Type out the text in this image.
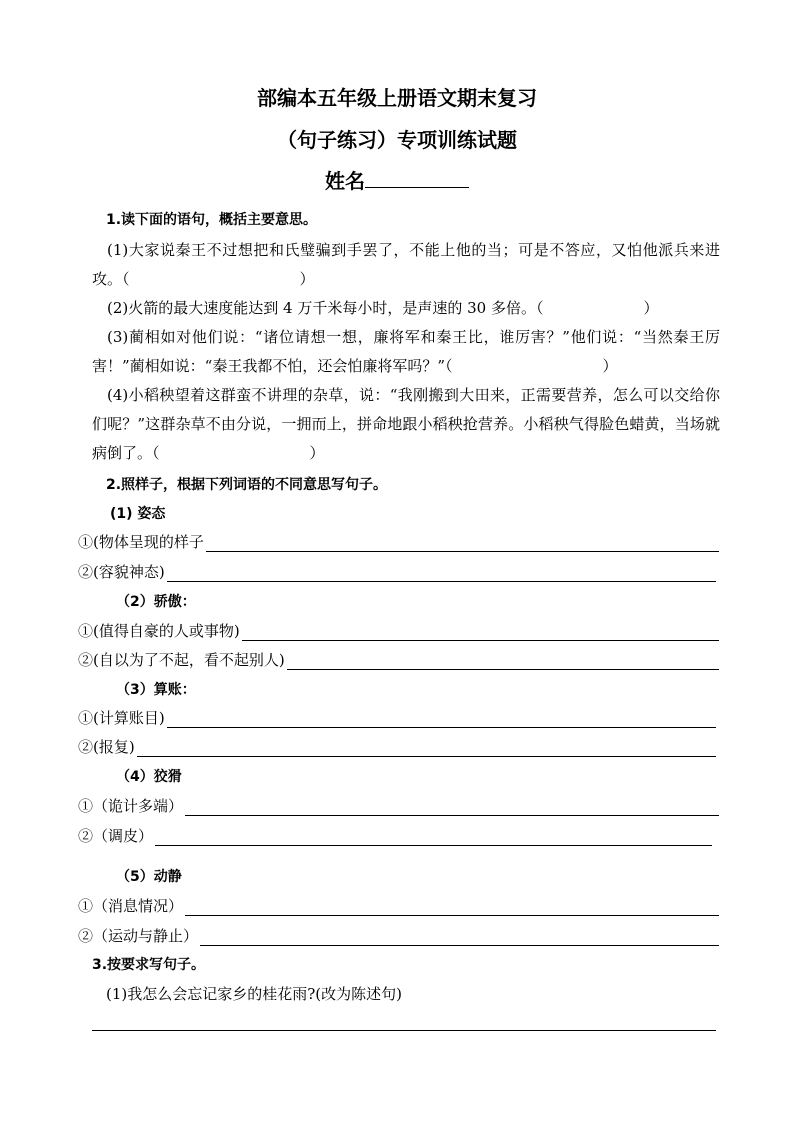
部编本五年级上册语文期末复习
（句子练习）专项训练试题
姓名
1.读下面的语句，概括主要意思。
(1)大家说秦王不过想把和氏璧骗到手罢了，不能上他的当；可是不答应，又怕他派兵来进攻。（	）
(2)火箭的最大速度能达到 4 万千米每小时，是声速的 30 多倍。（	）
(3)蔺相如对他们说：“诸位请想一想，廉将军和秦王比，谁厉害？”他们说：“当然秦王厉害！”蔺相如说：“秦王我都不怕，还会怕廉将军吗？”（	）
(4)小稻秧望着这群蛮不讲理的杂草，说：“我刚搬到大田来，正需要营养，怎么可以交给你们呢？”这群杂草不由分说，一拥而上，拼命地跟小稻秧抢营养。小稻秧气得脸色蜡黄，当场就病倒了。（	）
2.照样子，根据下列词语的不同意思写句子。
(1) 姿态
①(物体呈现的样子
②(容貌神态)
（2）骄傲：
①(值得自豪的人或事物)
②(自以为了不起，看不起别人)
（3）算账：
①(计算账目)
②(报复)
（4）狡猾
①（诡计多端）
②（调皮）
（5）动静
①（消息情况）
②（运动与静止）
3.按要求写句子。
(1)我怎么会忘记家乡的桂花雨?(改为陈述句)
